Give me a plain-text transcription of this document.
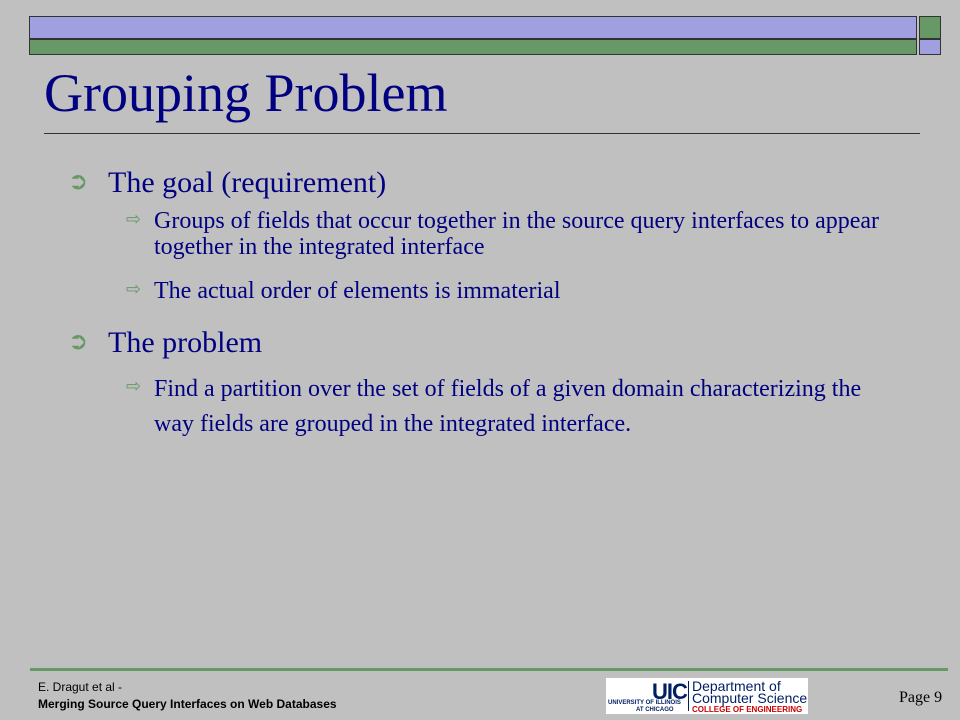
Grouping Problem
➲ The goal (requirement)
⇨ Groups of fields that occur together in the source query interfaces to appear together in the integrated interface
⇨ The actual order of elements is immaterial
➲ The problem
⇨ Find a partition over the set of fields of a given domain characterizing the way fields are grouped in the integrated interface.
E. Dragut et al -
Merging Source Query Interfaces on Web Databases	UIC
UNIVERSITY OF ILLINOIS
AT CHICAGO
Department of
Computer Science
COLLEGE OF ENGINEERING
Page 9
